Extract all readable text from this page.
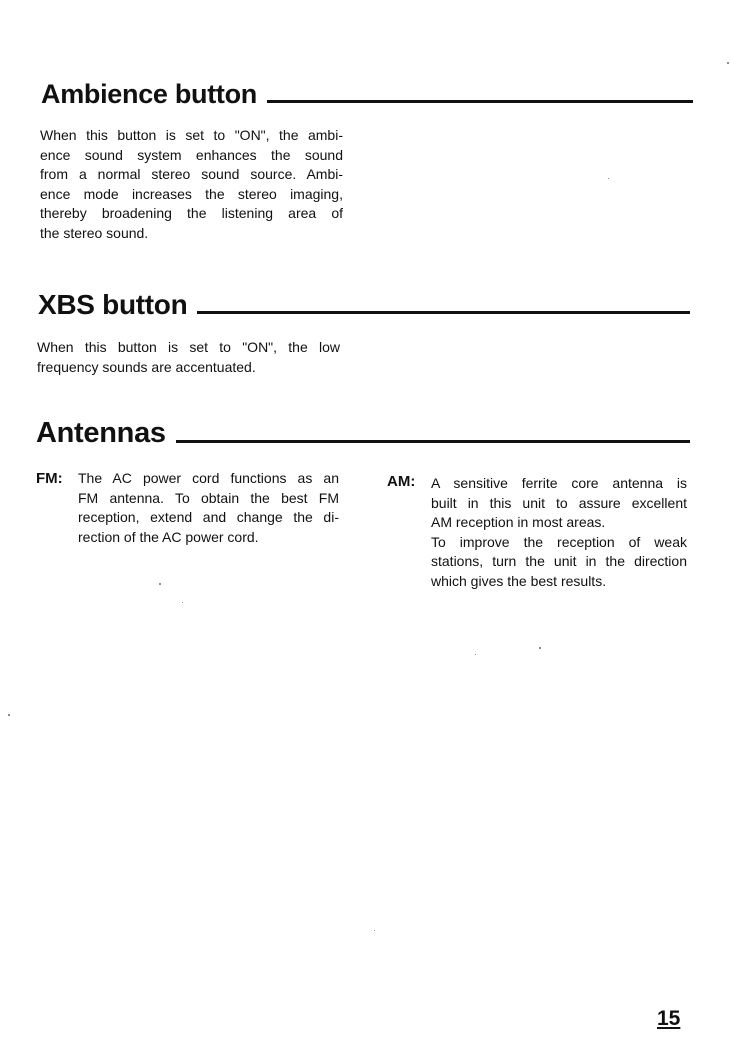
Ambience button
When this button is set to "ON", the ambi-
ence sound system enhances the sound
from a normal stereo sound source. Ambi-
ence mode increases the stereo imaging,
thereby broadening the listening area of
the stereo sound.
XBS button
When this button is set to "ON", the low
frequency sounds are accentuated.
Antennas
FM: The AC power cord functions as an
FM antenna. To obtain the best FM
reception, extend and change the di-
rection of the AC power cord.
AM: A sensitive ferrite core antenna is
built in this unit to assure excellent
AM reception in most areas.
To improve the reception of weak
stations, turn the unit in the direction
which gives the best results.
15
